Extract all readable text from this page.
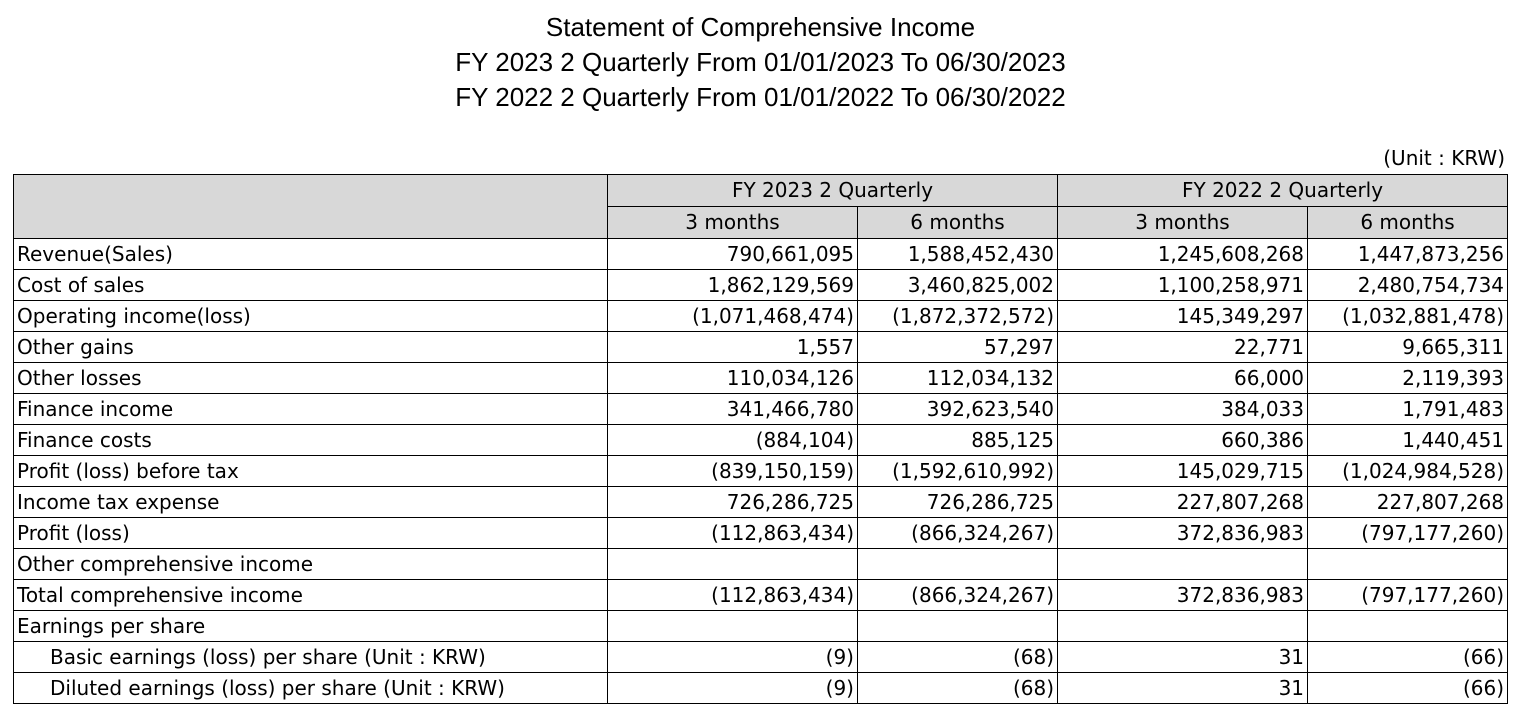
Statement of Comprehensive Income
FY 2023 2 Quarterly From 01/01/2023 To 06/30/2023
FY 2022 2 Quarterly From 01/01/2022 To 06/30/2022
(Unit : KRW)
	FY 2023 2 Quarterly		FY 2022 2 Quarterly	
	3 months	6 months	3 months	6 months
Revenue(Sales)	790,661,095	1,588,452,430	1,245,608,268	1,447,873,256
Cost of sales	1,862,129,569	3,460,825,002	1,100,258,971	2,480,754,734
Operating income(loss)	(1,071,468,474)	(1,872,372,572)	145,349,297	(1,032,881,478)
Other gains	1,557	57,297	22,771	9,665,311
Other losses	110,034,126	112,034,132	66,000	2,119,393
Finance income	341,466,780	392,623,540	384,033	1,791,483
Finance costs	(884,104)	885,125	660,386	1,440,451
Profit (loss) before tax	(839,150,159)	(1,592,610,992)	145,029,715	(1,024,984,528)
Income tax expense	726,286,725	726,286,725	227,807,268	227,807,268
Profit (loss)	(112,863,434)	(866,324,267)	372,836,983	(797,177,260)
Other comprehensive income				
Total comprehensive income	(112,863,434)	(866,324,267)	372,836,983	(797,177,260)
Earnings per share				
Basic earnings (loss) per share (Unit : KRW)	(9)	(68)	31	(66)
Diluted earnings (loss) per share (Unit : KRW)	(9)	(68)	31	(66)
